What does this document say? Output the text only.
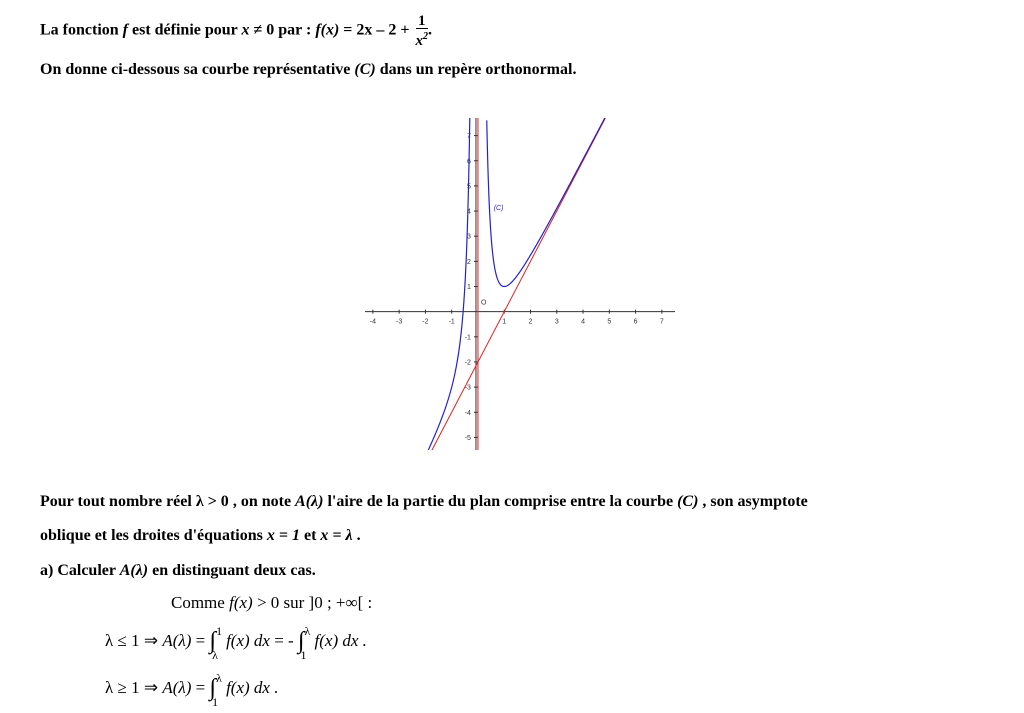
La fonction f est définie pour x ≠ 0 par : $f(x) = 2x - 2 + \frac{1}{x^2}$ .
On donne ci-dessous sa courbe représentative (C) dans un repère orthonormal.
-4	-3	-2	-1	1	2	3	4	5	6	7
-5
-4
-3
-2
-1
1
2
3
4
5
6
7
O
(C)
Pour tout nombre réel λ > 0 , on note A(λ) l'aire de la partie du plan comprise entre la courbe (C) , son asymptote
oblique et les droites d'équations x = 1 et x = λ .
a) Calculer A(λ) en distinguant deux cas.
Comme f(x) > 0 sur ]0 ; +∞[ :
λ ≤ 1 ⇒ A(λ) = ∫ 1
λ
f(x) dx = - ∫ λ
1
f(x) dx .
λ ≥ 1 ⇒ A(λ) = ∫ λ
1
f(x) dx .
